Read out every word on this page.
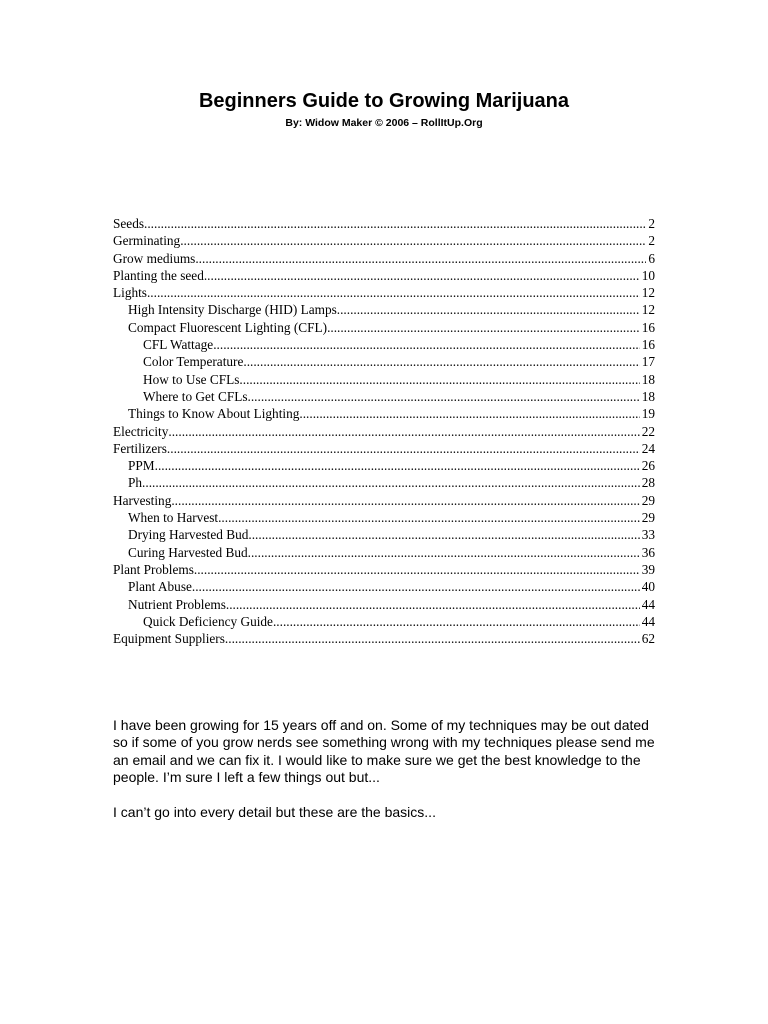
Beginners Guide to Growing Marijuana
By: Widow Maker © 2006 – RollItUp.Org
Seeds .....	2
Germinating .....	2
Grow mediums .....	6
Planting the seed .....	10
Lights .....	12
High Intensity Discharge (HID) Lamps .....	12
Compact Fluorescent Lighting (CFL) .....	16
CFL Wattage .....	16
Color Temperature .....	17
How to Use CFLs .....	18
Where to Get CFLs .....	18
Things to Know About Lighting .....	19
Electricity .....	22
Fertilizers .....	24
PPM .....	26
Ph .....	28
Harvesting .....	29
When to Harvest .....	29
Drying Harvested Bud .....	33
Curing Harvested Bud .....	36
Plant Problems .....	39
Plant Abuse .....	40
Nutrient Problems .....	44
Quick Deficiency Guide .....	44
Equipment Suppliers .....	62

I have been growing for 15 years off and on. Some of my techniques may be out dated so if some of you grow nerds see something wrong with my techniques please send me an email and we can fix it. I would like to make sure we get the best knowledge to the people. I’m sure I left a few things out but...

I can’t go into every detail but these are the basics...
